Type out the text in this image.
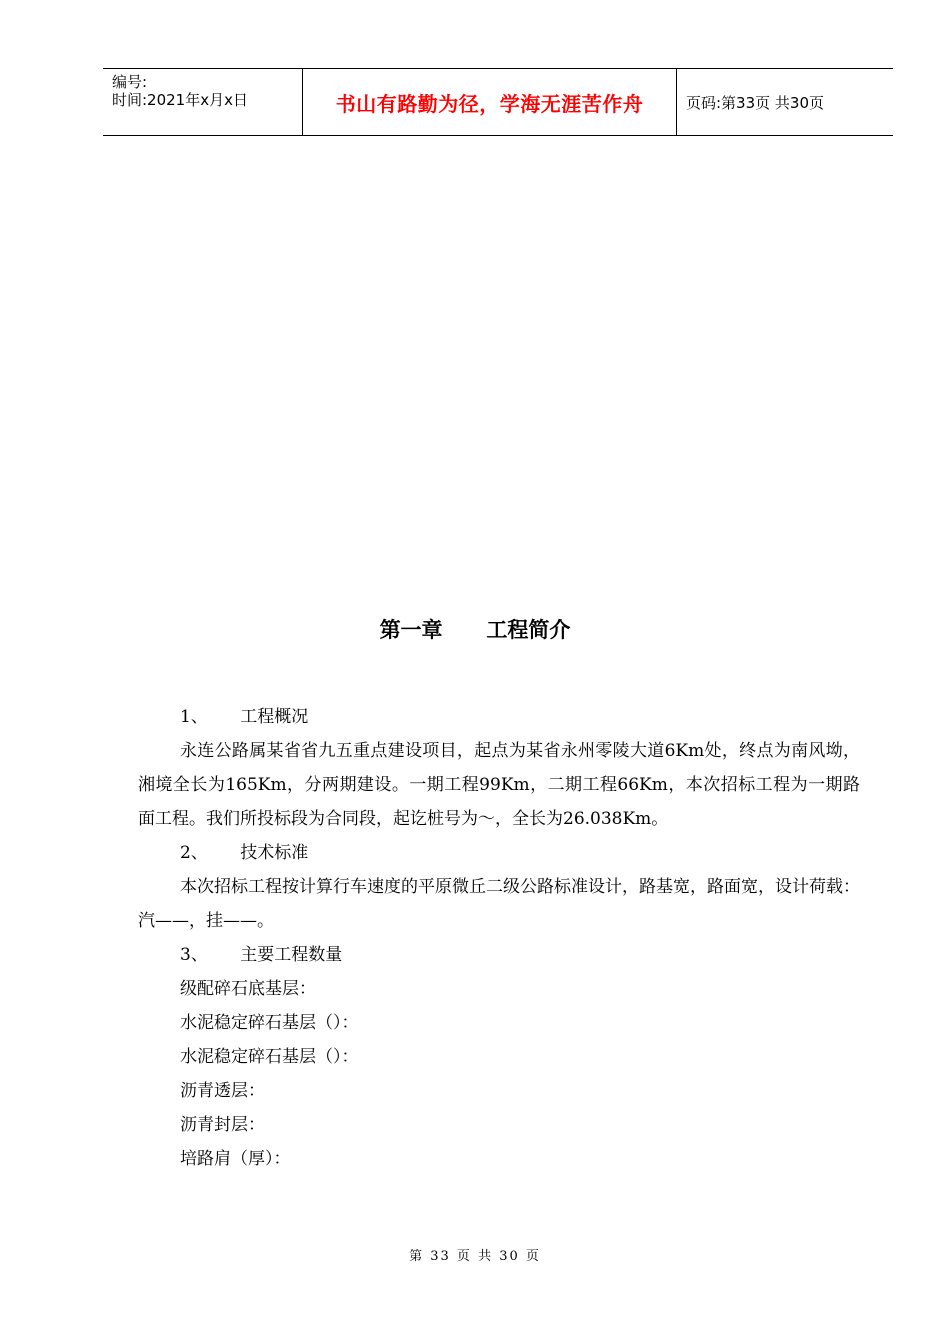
编号:
时间:2021年x月x日	书山有路勤为径，学海无涯苦作舟	页码:第33页 共30页
第一章      工程简介

1、      工程概况

永连公路属某省省九五重点建设项目，起点为某省永州零陵大道6Km处，终点为南风坳，湘境全长为165Km，分两期建设。一期工程99Km，二期工程66Km，本次招标工程为一期路面工程。我们所投标段为合同段，起讫桩号为～，全长为26.038Km。

2、      技术标准

本次招标工程按计算行车速度的平原微丘二级公路标准设计，路基宽，路面宽，设计荷载：汽——，挂——。

3、      主要工程数量

级配碎石底基层：

水泥稳定碎石基层（）：

水泥稳定碎石基层（）：

沥青透层：

沥青封层：

培路肩（厚）：

第 33 页 共 30 页
